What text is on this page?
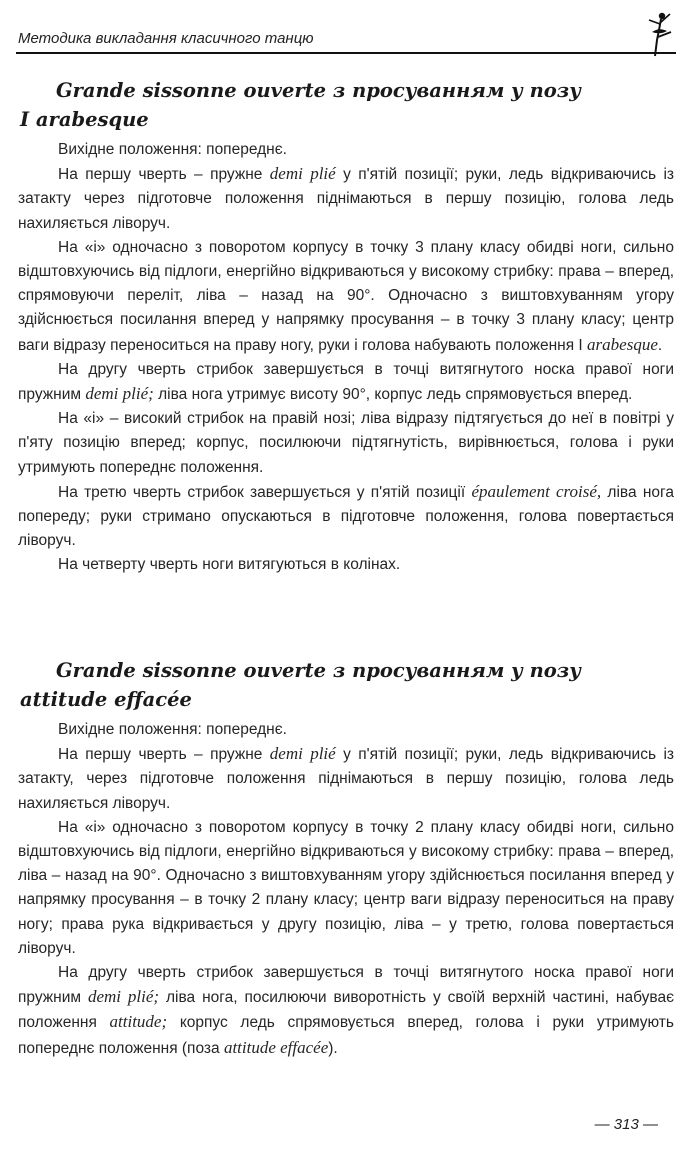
Методика викладання класичного танцю
Grande sissonne ouverte з просуванням у позу
I arabesque

Вихідне положення: попереднє.

На першу чверть – пружне demi plié у п'ятій позиції; руки, ледь відкриваючись із затакту через підготовче положення піднімаються в першу позицію, голова ледь нахиляється ліворуч.

На «і» одночасно з поворотом корпусу в точку 3 плану класу обидві ноги, сильно відштовхуючись від підлоги, енергійно відкриваються у високому стрибку: права – вперед, спрямовуючи переліт, ліва – назад на 90°. Одночасно з виштовхуванням угору здійснюється посилання вперед у напрямку просування – в точку 3 плану класу; центр ваги відразу переноситься на праву ногу, руки і голова набувають положення І arabesque.

На другу чверть стрибок завершується в точці витягнутого носка правої ноги пружним demi plié; ліва нога утримує висоту 90°, корпус ледь спрямовується вперед.

На «і» – високий стрибок на правій нозі; ліва відразу підтягується до неї в повітрі у п'яту позицію вперед; корпус, посилюючи підтягнутість, вирівнюється, голова і руки утримують попереднє положення.

На третю чверть стрибок завершується у п'ятій позиції épaulement croisé, ліва нога попереду; руки стримано опускаються в підготовче положення, голова повертається ліворуч.

На четверту чверть ноги витягуються в колінах.

Grande sissonne ouverte з просуванням у позу
attitude effacée

Вихідне положення: попереднє.

На першу чверть – пружне demi plié у п'ятій позиції; руки, ледь відкриваючись із затакту, через підготовче положення піднімаються в першу позицію, голова ледь нахиляється ліворуч.

На «і» одночасно з поворотом корпусу в точку 2 плану класу обидві ноги, сильно відштовхуючись від підлоги, енергійно відкриваються у високому стрибку: права – вперед, ліва – назад на 90°. Одночасно з виштовхуванням угору здійснюється посилання вперед у напрямку просування – в точку 2 плану класу; центр ваги відразу переноситься на праву ногу; права рука відкривається у другу позицію, ліва – у третю, голова повертається ліворуч.

На другу чверть стрибок завершується в точці витягнутого носка правої ноги пружним demi plié; ліва нога, посилюючи виворотність у своїй верхній частині, набуває положення attitude; корпус ледь спрямовується вперед, голова і руки утримують попереднє положення (поза attitude effacée).

— 313 —
